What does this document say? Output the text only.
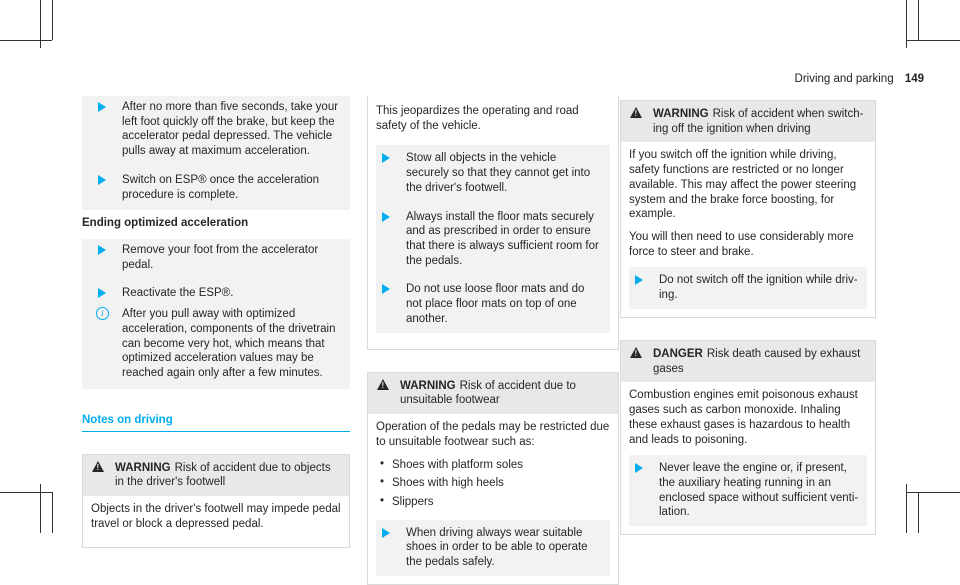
Driving and parking 149
After no more than five seconds, take your left foot quickly off the brake, but keep the accelerator pedal depressed. The vehicle pulls away at maximum acceleration.
Switch on ESP® once the acceleration procedure is complete.
Ending optimized acceleration
Remove your foot from the accelerator pedal.
Reactivate the ESP®.
i	After you pull away with optimized acceleration, components of the drivetrain can become very hot, which means that optimized acceleration values may be reached again only after a few minutes.
Notes on driving
!
WARNING Risk of accident due to objects in the driver's footwell

Objects in the driver's footwell may impede pedal travel or block a depressed pedal.

This jeopardizes the operating and road safety of the vehicle.

Stow all objects in the vehicle securely so that they cannot get into the driver's footwell.
Always install the floor mats securely and as prescribed in order to ensure that there is always sufficient room for the pedals.
Do not use loose floor mats and do not place floor mats on top of one another.
!
WARNING Risk of accident due to unsuitable footwear

Operation of the pedals may be restricted due to unsuitable footwear such as:

• Shoes with platform soles
• Shoes with high heels
• Slippers
When driving always wear suitable shoes in order to be able to operate the pedals safely.
!
WARNING Risk of accident when switching off the ignition when driving

If you switch off the ignition while driving, safety functions are restricted or no longer available. This may affect the power steering system and the brake force boosting, for example.

You will then need to use considerably more force to steer and brake.

Do not switch off the ignition while driving.
!
DANGER Risk death caused by exhaust gases

Combustion engines emit poisonous exhaust gases such as carbon monoxide. Inhaling these exhaust gases is hazardous to health and leads to poisoning.

Never leave the engine or, if present, the auxiliary heating running in an enclosed space without sufficient ventilation.
